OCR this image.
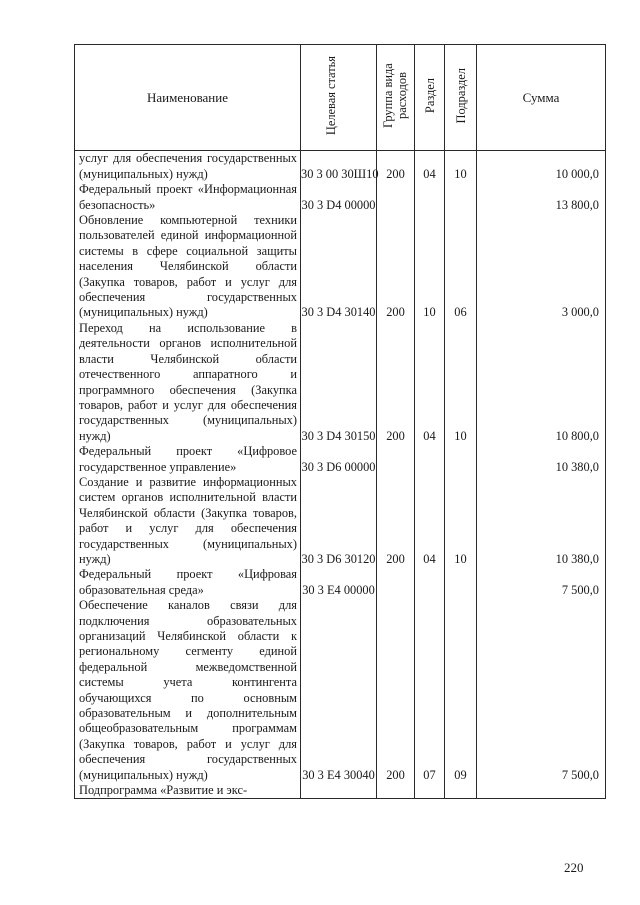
Наименование	Целевая статья	Группа вида расходов	Раздел	Подраздел	Сумма
услуг для обеспечения государственных (муниципальных) нужд)	30 3 00 30Ш10	200	04	10	10 000,0
Федеральный проект «Информационная безопасность»	30 3 D4 00000				13 800,0
Обновление компьютерной техники пользователей единой информационной системы в сфере социальной защиты населения Челябинской области (Закупка товаров, работ и услуг для обеспечения государственных (муниципальных) нужд)	30 3 D4 30140	200	10	06	3 000,0
Переход на использование в деятельности органов исполнительной власти Челябинской области отечественного аппаратного и программного обеспечения (Закупка товаров, работ и услуг для обеспечения государственных (муниципальных) нужд)	30 3 D4 30150	200	04	10	10 800,0
Федеральный проект «Цифровое государственное управление»	30 3 D6 00000				10 380,0
Создание и развитие информационных систем органов исполнительной власти Челябинской области (Закупка товаров, работ и услуг для обеспечения государственных (муниципальных) нужд)	30 3 D6 30120	200	04	10	10 380,0
Федеральный проект «Цифровая образовательная среда»	30 3 E4 00000				7 500,0
Обеспечение каналов связи для подключения образовательных организаций Челябинской области к региональному сегменту единой федеральной межведомственной системы учета контингента обучающихся по основным образовательным и дополнительным общеобразовательным программам (Закупка товаров, работ и услуг для обеспечения государственных (муниципальных) нужд)	30 3 E4 30040	200	07	09	7 500,0
Подпрограмма «Развитие и экс-					
220
